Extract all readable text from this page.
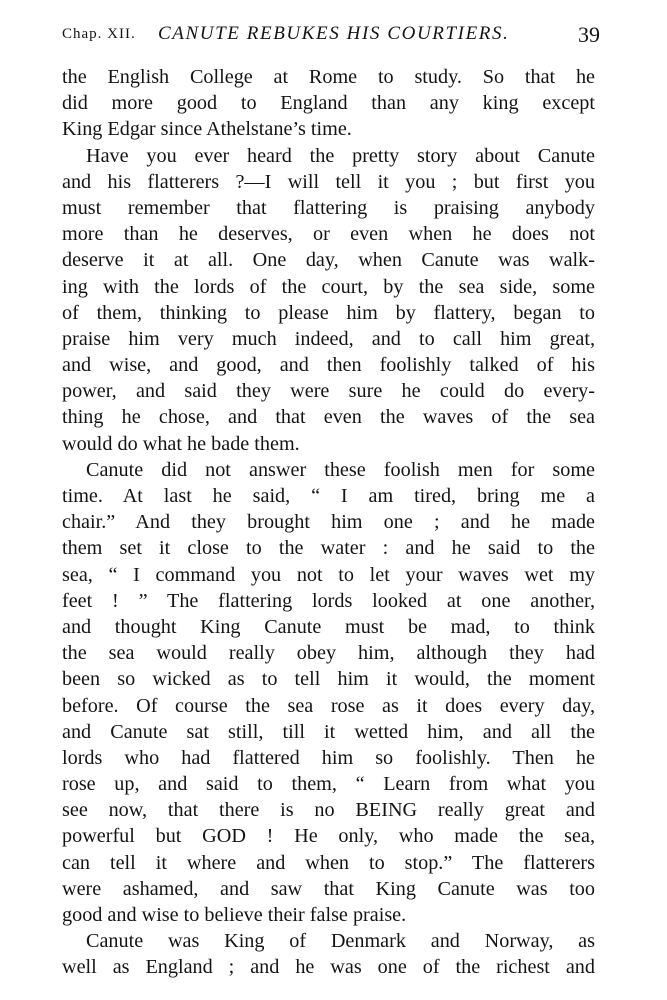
Chap. XII. CANUTE REBUKES HIS COURTIERS.	39
the English College at Rome to study. So that he
did more good to England than any king except
King Edgar since Athelstane’s time.
Have you ever heard the pretty story about Canute
and his flatterers ?—I will tell it you ; but first you
must remember that flattering is praising anybody
more than he deserves, or even when he does not
deserve it at all. One day, when Canute was walk-
ing with the lords of the court, by the sea side, some
of them, thinking to please him by flattery, began to
praise him very much indeed, and to call him great,
and wise, and good, and then foolishly talked of his
power, and said they were sure he could do every-
thing he chose, and that even the waves of the sea
would do what he bade them.
Canute did not answer these foolish men for some
time. At last he said, “ I am tired, bring me a
chair.” And they brought him one ; and he made
them set it close to the water : and he said to the
sea, “ I command you not to let your waves wet my
feet ! ” The flattering lords looked at one another,
and thought King Canute must be mad, to think
the sea would really obey him, although they had
been so wicked as to tell him it would, the moment
before. Of course the sea rose as it does every day,
and Canute sat still, till it wetted him, and all the
lords who had flattered him so foolishly. Then he
rose up, and said to them, “ Learn from what you
see now, that there is no BEING really great and
powerful but GOD ! He only, who made the sea,
can tell it where and when to stop.” The flatterers
were ashamed, and saw that King Canute was too
good and wise to believe their false praise.
Canute was King of Denmark and Norway, as
well as England ; and he was one of the richest and
